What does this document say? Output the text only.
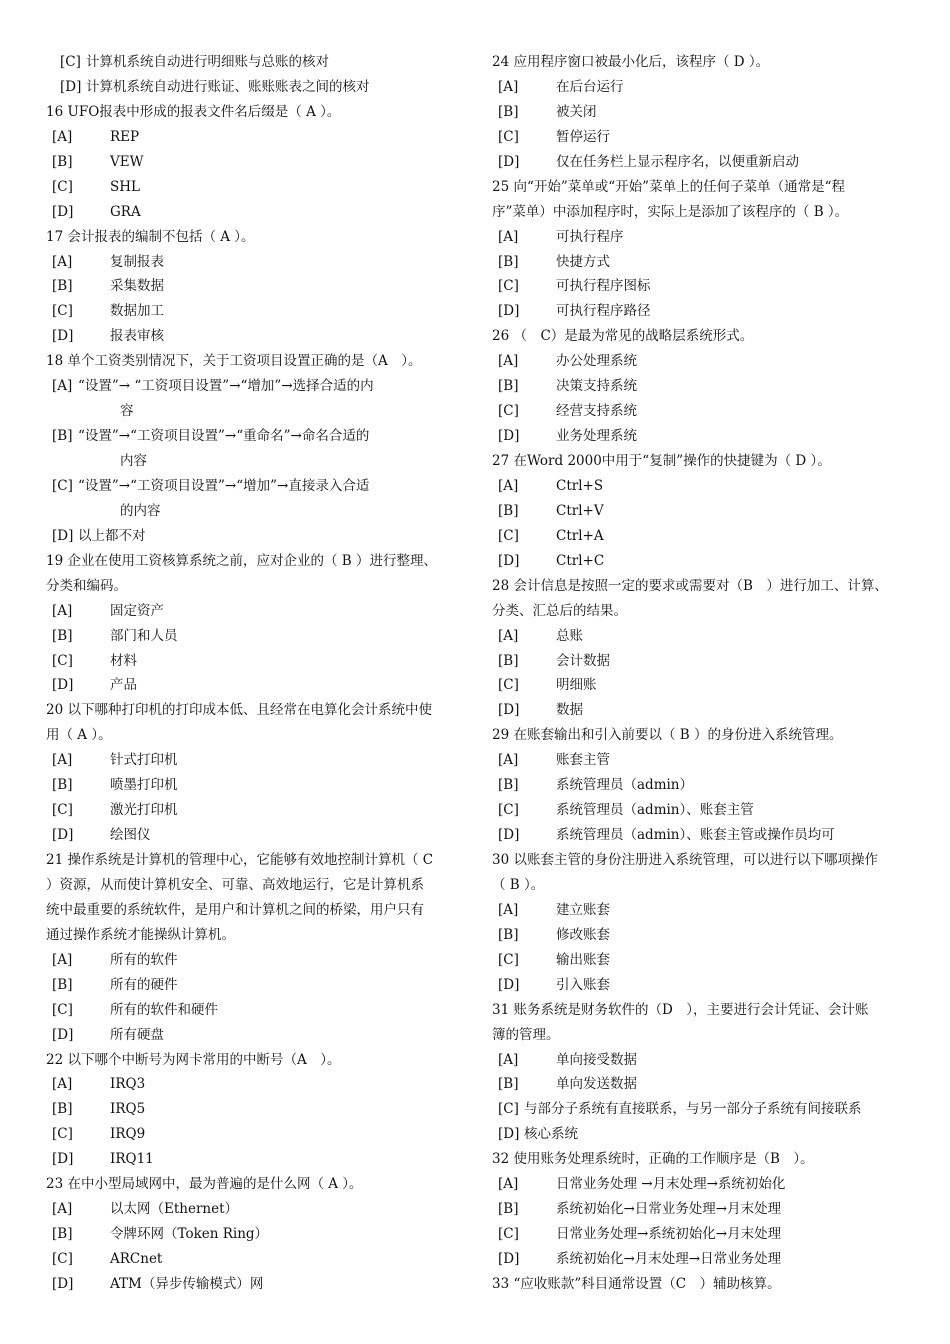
[C] 计算机系统自动进行明细账与总账的核对
[D] 计算机系统自动进行账证、账账账表之间的核对
16 UFO报表中形成的报表文件名后缀是（ A ）。
[A]	REP
[B]	VEW
[C]	SHL
[D]	GRA
17 会计报表的编制不包括（ A ）。
[A]	复制报表
[B]	采集数据
[C]	数据加工
[D]	报表审核
18 单个工资类别情况下，关于工资项目设置正确的是（A　）。
[A] “设置”→ “工资项目设置”→“增加”→选择合适的内
容
[B] “设置”→“工资项目设置”→“重命名”→命名合适的
内容
[C] “设置”→“工资项目设置”→“增加”→直接录入合适
的内容
[D] 以上都不对
19 企业在使用工资核算系统之前，应对企业的（ B ）进行整理、
分类和编码。
[A]	固定资产
[B]	部门和人员
[C]	材料
[D]	产品
20 以下哪种打印机的打印成本低、且经常在电算化会计系统中使
用（ A ）。
[A]	针式打印机
[B]	喷墨打印机
[C]	激光打印机
[D]	绘图仪
21 操作系统是计算机的管理中心，它能够有效地控制计算机（ C
）资源，从而使计算机安全、可靠、高效地运行，它是计算机系
统中最重要的系统软件，是用户和计算机之间的桥梁，用户只有
通过操作系统才能操纵计算机。
[A]	所有的软件
[B]	所有的硬件
[C]	所有的软件和硬件
[D]	所有硬盘
22 以下哪个中断号为网卡常用的中断号（A　）。
[A]	IRQ3
[B]	IRQ5
[C]	IRQ9
[D]	IRQ11
23 在中小型局域网中，最为普遍的是什么网（ A ）。
[A]	以太网（Ethernet）
[B]	令牌环网（Token Ring）
[C]	ARCnet
[D]	ATM（异步传输模式）网
24 应用程序窗口被最小化后，该程序（ D ）。
[A]	在后台运行
[B]	被关闭
[C]	暂停运行
[D]	仅在任务栏上显示程序名，以便重新启动
25 向“开始”菜单或“开始”菜单上的任何子菜单（通常是“程
序”菜单）中添加程序时，实际上是添加了该程序的（ B ）。
[A]	可执行程序
[B]	快捷方式
[C]	可执行程序图标
[D]	可执行程序路径
26 （　C）是最为常见的战略层系统形式。
[A]	办公处理系统
[B]	决策支持系统
[C]	经营支持系统
[D]	业务处理系统
27 在Word 2000中用于“复制”操作的快捷键为（ D ）。
[A]	Ctrl+S
[B]	Ctrl+V
[C]	Ctrl+A
[D]	Ctrl+C
28 会计信息是按照一定的要求或需要对（B　）进行加工、计算、
分类、汇总后的结果。
[A]	总账
[B]	会计数据
[C]	明细账
[D]	数据
29 在账套输出和引入前要以（ B ）的身份进入系统管理。
[A]	账套主管
[B]	系统管理员（admin）
[C]	系统管理员（admin）、账套主管
[D]	系统管理员（admin）、账套主管或操作员均可
30 以账套主管的身份注册进入系统管理，可以进行以下哪项操作
（ B ）。
[A]	建立账套
[B]	修改账套
[C]	输出账套
[D]	引入账套
31 账务系统是财务软件的（D　），主要进行会计凭证、会计账
簿的管理。
[A]	单向接受数据
[B]	单向发送数据
[C] 与部分子系统有直接联系，与另一部分子系统有间接联系
[D] 核心系统
32 使用账务处理系统时，正确的工作顺序是（B　）。
[A]	日常业务处理 →月末处理→系统初始化
[B]	系统初始化→日常业务处理→月末处理
[C]	日常业务处理→系统初始化→月末处理
[D]	系统初始化→月末处理→日常业务处理
33 “应收账款”科目通常设置（C　）辅助核算。
